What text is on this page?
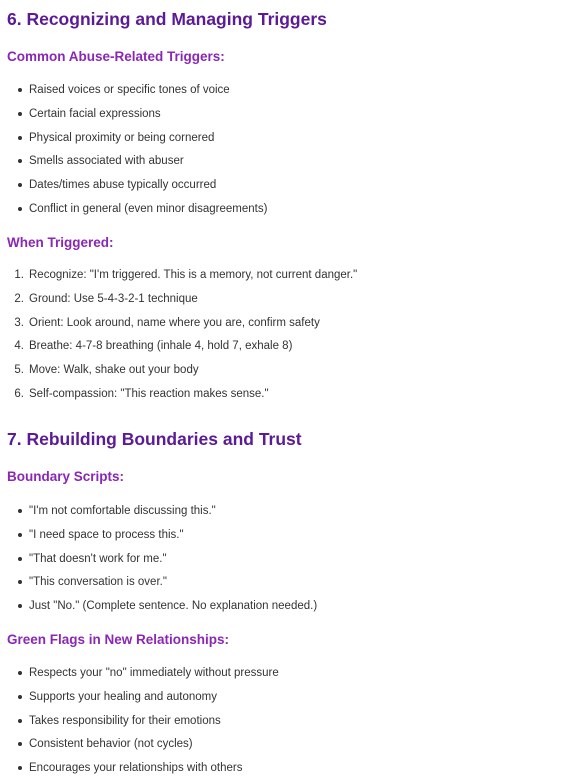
6. Recognizing and Managing Triggers
Common Abuse-Related Triggers:
Raised voices or specific tones of voice
Certain facial expressions
Physical proximity or being cornered
Smells associated with abuser
Dates/times abuse typically occurred
Conflict in general (even minor disagreements)
When Triggered:
1. Recognize: "I'm triggered. This is a memory, not current danger."
2. Ground: Use 5-4-3-2-1 technique
3. Orient: Look around, name where you are, confirm safety
4. Breathe: 4-7-8 breathing (inhale 4, hold 7, exhale 8)
5. Move: Walk, shake out your body
6. Self-compassion: "This reaction makes sense."
7. Rebuilding Boundaries and Trust
Boundary Scripts:
"I'm not comfortable discussing this."
"I need space to process this."
"That doesn't work for me."
"This conversation is over."
Just "No." (Complete sentence. No explanation needed.)
Green Flags in New Relationships:
Respects your "no" immediately without pressure
Supports your healing and autonomy
Takes responsibility for their emotions
Consistent behavior (not cycles)
Encourages your relationships with others
